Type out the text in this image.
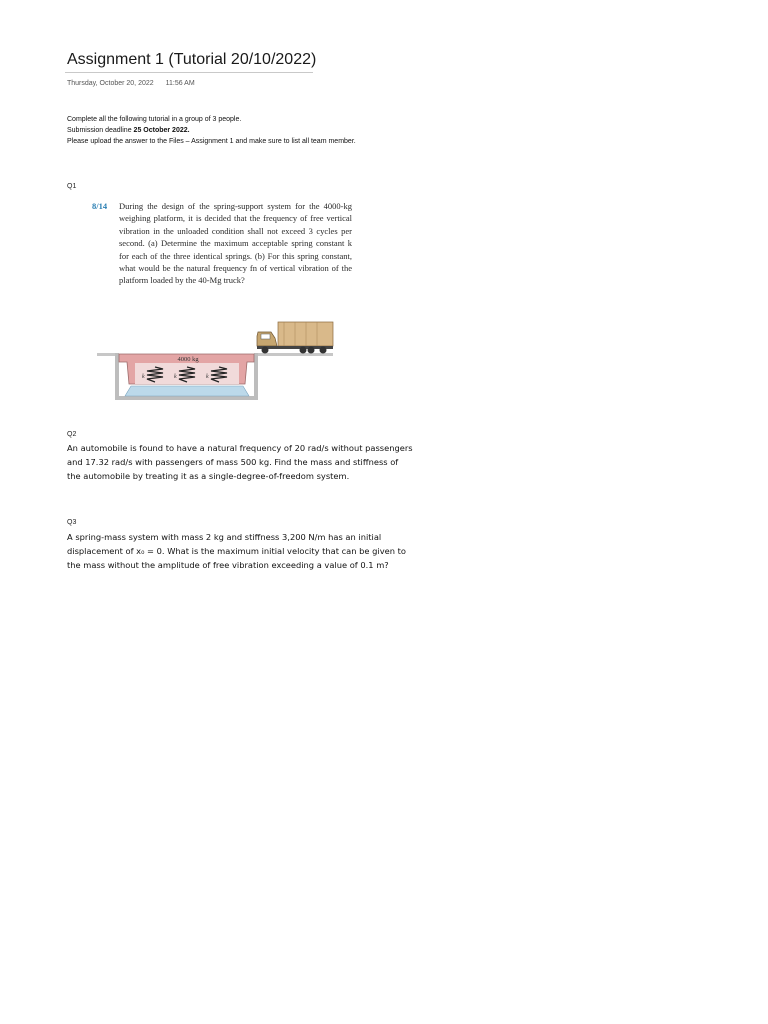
Assignment 1 (Tutorial 20/10/2022)
Thursday, October 20, 2022 11:56 AM
Complete all the following tutorial in a group of 3 people.
Submission deadline 25 October 2022.
Please upload the answer to the Files – Assignment 1 and make sure to list all team member.
Q1
8/14 During the design of the spring-support system for the 4000-kg weighing platform, it is decided that the frequency of free vertical vibration in the unloaded condition shall not exceed 3 cycles per second. (a) Determine the maximum acceptable spring constant k for each of the three identical springs. (b) For this spring constant, what would be the natural frequency fn of vertical vibration of the platform loaded by the 40-Mg truck?
4000 kg
k	k	k
Q2
An automobile is found to have a natural frequency of 20 rad/s without passengers
and 17.32 rad/s with passengers of mass 500 kg. Find the mass and stiffness of
the automobile by treating it as a single-degree-of-freedom system.
Q3
A spring-mass system with mass 2 kg and stiffness 3,200 N/m has an initial
displacement of x₀ = 0. What is the maximum initial velocity that can be given to
the mass without the amplitude of free vibration exceeding a value of 0.1 m?
